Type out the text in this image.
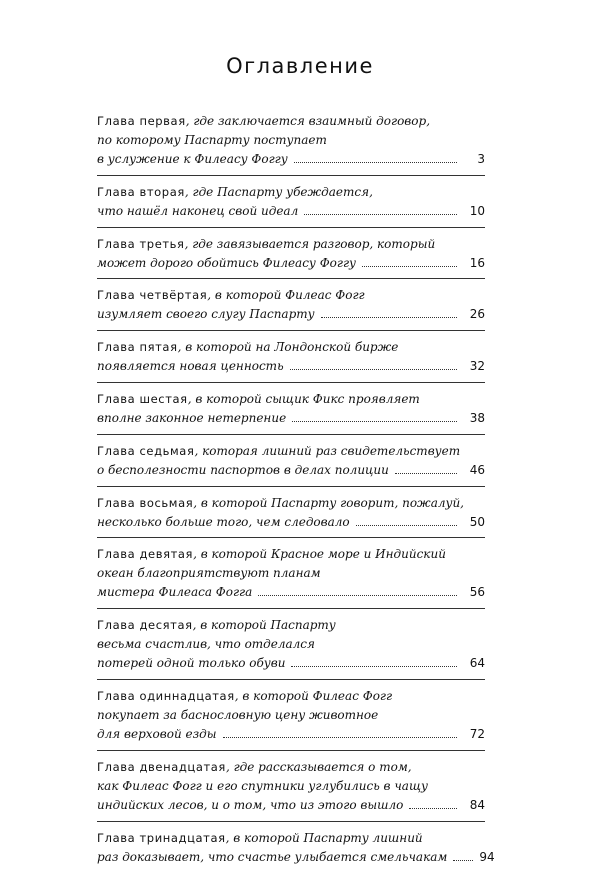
Оглавление
Глава первая , где заключается взаимный договор,
по которому Паспарту поступает
в услужение к Филеасу Фоггу	3
Глава вторая , где Паспарту убеждается,
что нашёл наконец свой идеал	10
Глава третья , где завязывается разговор, который
может дорого обойтись Филеасу Фоггу	16
Глава четвёртая , в которой Филеас Фогг
изумляет своего слугу Паспарту	26
Глава пятая , в которой на Лондонской бирже
появляется новая ценность	32
Глава шестая , в которой сыщик Фикс проявляет
вполне законное нетерпение	38
Глава седьмая , которая лишний раз свидетельствует
о бесполезности паспортов в делах полиции	46
Глава восьмая , в которой Паспарту говорит, пожалуй,
несколько больше того, чем следовало	50
Глава девятая , в которой Красное море и Индийский
океан благоприятствуют планам
мистера Филеаса Фогга	56
Глава десятая , в которой Паспарту
весьма счастлив, что отделался
потерей одной только обуви	64
Глава одиннадцатая , в которой Филеас Фогг
покупает за баснословную цену животное
для верховой езды	72
Глава двенадцатая , где рассказывается о том,
как Филеас Фогг и его спутники углубились в чащу
индийских лесов, и о том, что из этого вышло	84
Глава тринадцатая , в которой Паспарту лишний
раз доказывает, что счастье улыбается смельчакам	94
